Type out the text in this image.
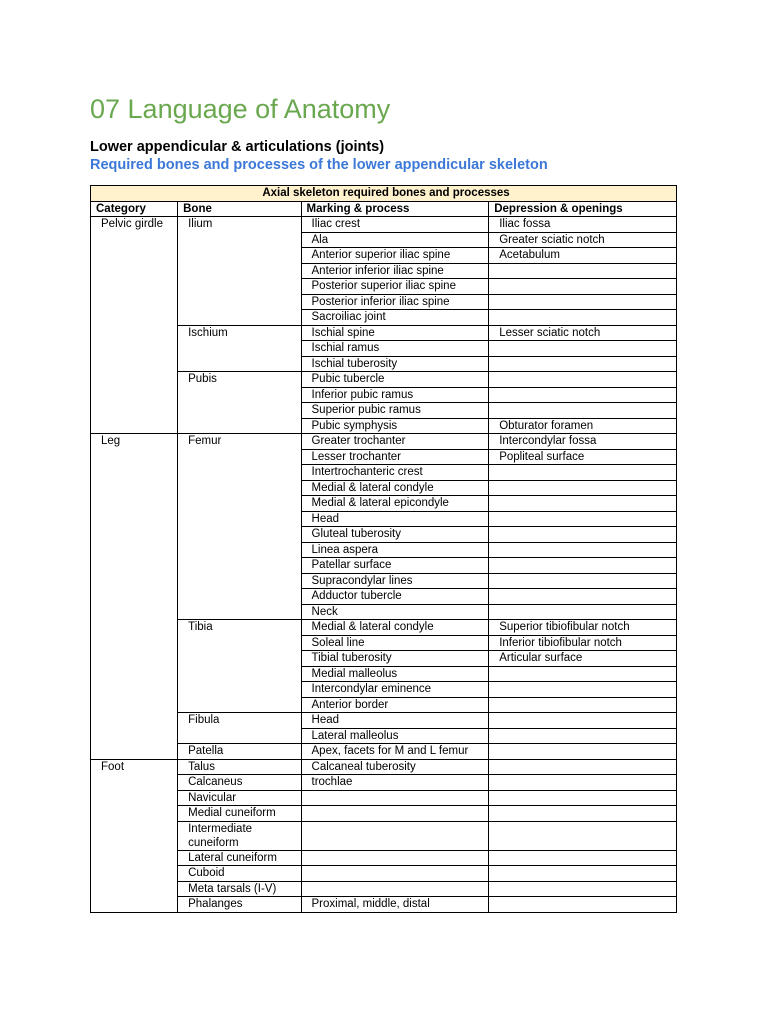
07 Language of Anatomy
Lower appendicular & articulations (joints)
Required bones and processes of the lower appendicular skeleton
Axial skeleton required bones and processes			
Category	Bone	Marking & process	Depression & openings
Pelvic girdle	Ilium	Iliac crest	Iliac fossa
		Ala	Greater sciatic notch
		Anterior superior iliac spine	Acetabulum
		Anterior inferior iliac spine	
		Posterior superior iliac spine	
		Posterior inferior iliac spine	
		Sacroiliac joint	
	Ischium	Ischial spine	Lesser sciatic notch
		Ischial ramus	
		Ischial tuberosity	
	Pubis	Pubic tubercle	
		Inferior pubic ramus	
		Superior pubic ramus	
		Pubic symphysis	Obturator foramen
Leg	Femur	Greater trochanter	Intercondylar fossa
		Lesser trochanter	Popliteal surface
		Intertrochanteric crest	
		Medial & lateral condyle	
		Medial & lateral epicondyle	
		Head	
		Gluteal tuberosity	
		Linea aspera	
		Patellar surface	
		Supracondylar lines	
		Adductor tubercle	
		Neck	
	Tibia	Medial & lateral condyle	Superior tibiofibular notch
		Soleal line	Inferior tibiofibular notch
		Tibial tuberosity	Articular surface
		Medial malleolus	
		Intercondylar eminence	
		Anterior border	
	Fibula	Head	
		Lateral malleolus	
	Patella	Apex, facets for M and L femur	
Foot	Talus	Calcaneal tuberosity	
	Calcaneus	trochlae	
	Navicular		
	Medial cuneiform		
	Intermediate cuneiform		
	Lateral cuneiform		
	Cuboid		
	Meta tarsals (I-V)		
	Phalanges	Proximal, middle, distal	
